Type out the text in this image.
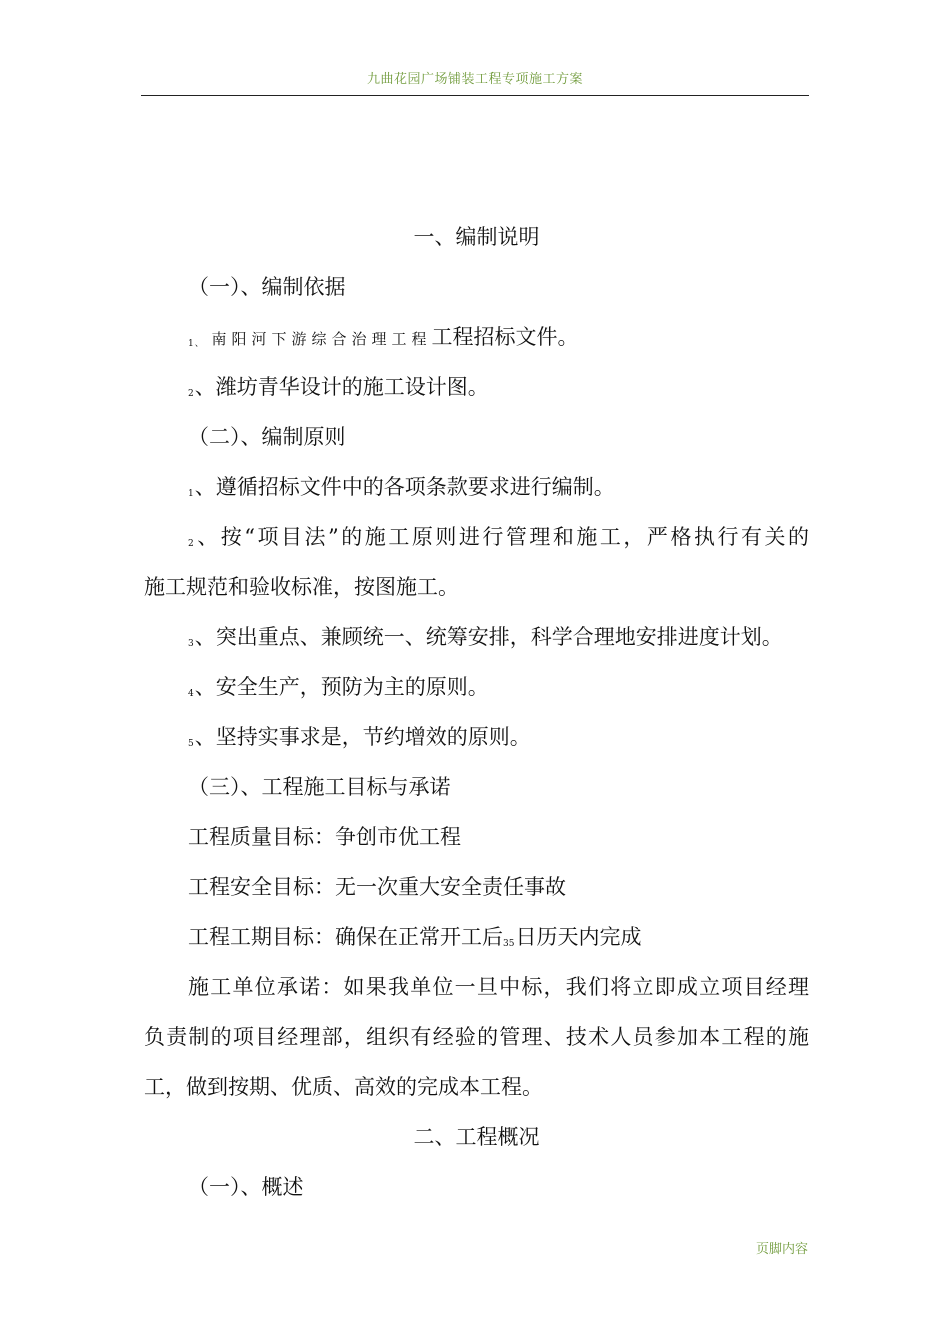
九曲花园广场铺装工程专项施工方案
一、编制说明
（一）、编制依据
1、 南阳河下游综合治理工程工程招标文件。
2、潍坊青华设计的施工设计图。
（二）、编制原则
1、遵循招标文件中的各项条款要求进行编制。
2、按“项目法”的施工原则进行管理和施工，严格执行有关的
施工规范和验收标准，按图施工。
3、突出重点、兼顾统一、统筹安排，科学合理地安排进度计划。
4、安全生产，预防为主的原则。
5、坚持实事求是，节约增效的原则。
（三）、工程施工目标与承诺
工程质量目标：争创市优工程
工程安全目标：无一次重大安全责任事故
工程工期目标：确保在正常开工后35日历天内完成
施工单位承诺：如果我单位一旦中标，我们将立即成立项目经理
负责制的项目经理部，组织有经验的管理、技术人员参加本工程的施
工，做到按期、优质、高效的完成本工程。
二、工程概况
（一）、概述
页脚内容
